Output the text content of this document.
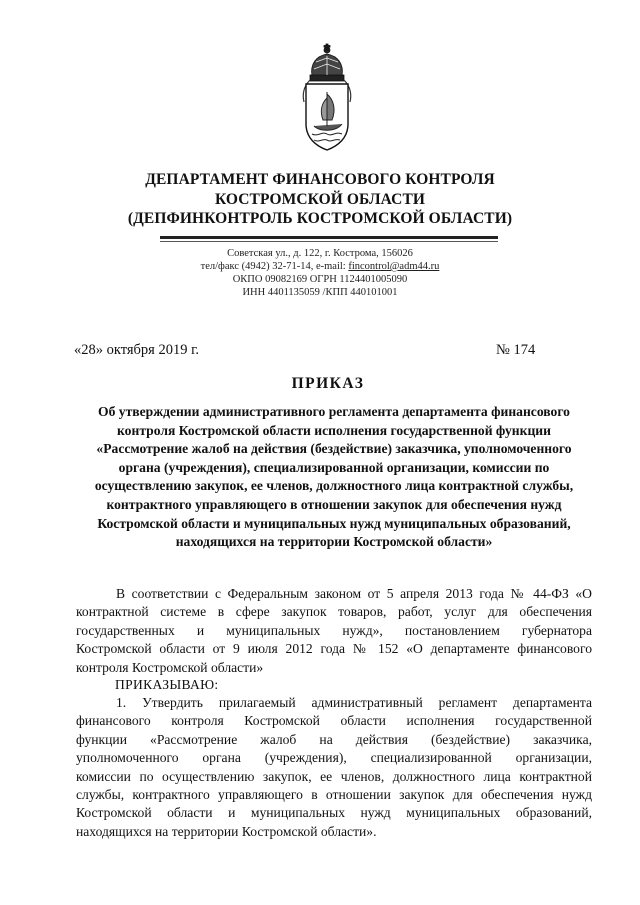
ДЕПАРТАМЕНТ ФИНАНСОВОГО КОНТРОЛЯ
КОСТРОМСКОЙ ОБЛАСТИ
(ДЕПФИНКОНТРОЛЬ КОСТРОМСКОЙ ОБЛАСТИ)
Советская ул., д. 122, г. Кострома, 156026
тел/факс (4942) 32-71-14, e-mail: fincontrol@adm44.ru
ОКПО 09082169 ОГРН 1124401005090
ИНН 4401135059 /КПП 440101001
«28» октября 2019 г.	№ 174
ПРИКАЗ
Об утверждении административного регламента департамента финансового
контроля Костромской области исполнения государственной функции
«Рассмотрение жалоб на действия (бездействие) заказчика, уполномоченного
органа (учреждения), специализированной организации, комиссии по
осуществлению закупок, ее членов, должностного лица контрактной службы,
контрактного управляющего в отношении закупок для обеспечения нужд
Костромской области и муниципальных нужд муниципальных образований,
находящихся на территории Костромской области»
В соответствии с Федеральным законом от 5 апреля 2013 года № 44-ФЗ «О
контрактной системе в сфере закупок товаров, работ, услуг для обеспечения
государственных и муниципальных нужд», постановлением губернатора
Костромской области от 9 июля 2012 года № 152 «О департаменте финансового
контроля Костромской области»
ПРИКАЗЫВАЮ:
1. Утвердить прилагаемый административный регламент департамента
финансового контроля Костромской области исполнения государственной
функции «Рассмотрение жалоб на действия (бездействие) заказчика,
уполномоченного органа (учреждения), специализированной организации,
комиссии по осуществлению закупок, ее членов, должностного лица контрактной
службы, контрактного управляющего в отношении закупок для обеспечения нужд
Костромской области и муниципальных нужд муниципальных образований,
находящихся на территории Костромской области».
